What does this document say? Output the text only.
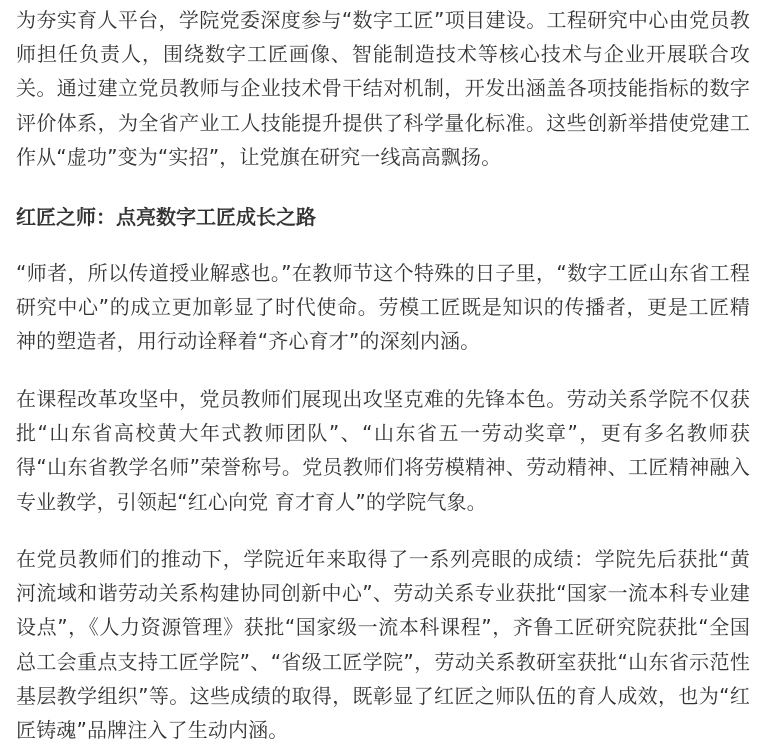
为夯实育人平台，学院党委深度参与“数字工匠”项目建设。工程研究中心由党员教师担任负责人，围绕数字工匠画像、智能制造技术等核心技术与企业开展联合攻关。通过建立党员教师与企业技术骨干结对机制，开发出涵盖各项技能指标的数字评价体系，为全省产业工人技能提升提供了科学量化标准。这些创新举措使党建工作从“虚功”变为“实招”，让党旗在研究一线高高飘扬。

红匠之师：点亮数字工匠成长之路

“师者，所以传道授业解惑也。”在教师节这个特殊的日子里，“数字工匠山东省工程研究中心”的成立更加彰显了时代使命。劳模工匠既是知识的传播者，更是工匠精神的塑造者，用行动诠释着“齐心育才”的深刻内涵。

在课程改革攻坚中，党员教师们展现出攻坚克难的先锋本色。劳动关系学院不仅获批“山东省高校黄大年式教师团队”、“山东省五一劳动奖章”，更有多名教师获得“山东省教学名师”荣誉称号。党员教师们将劳模精神、劳动精神、工匠精神融入专业教学，引领起“红心向党 育才育人”的学院气象。

在党员教师们的推动下，学院近年来取得了一系列亮眼的成绩：学院先后获批“黄河流域和谐劳动关系构建协同创新中心”、劳动关系专业获批“国家一流本科专业建设点”，《人力资源管理》获批“国家级一流本科课程”，齐鲁工匠研究院获批“全国总工会重点支持工匠学院”、“省级工匠学院”，劳动关系教研室获批“山东省示范性基层教学组织”等。这些成绩的取得，既彰显了红匠之师队伍的育人成效，也为“红匠铸魂”品牌注入了生动内涵。
